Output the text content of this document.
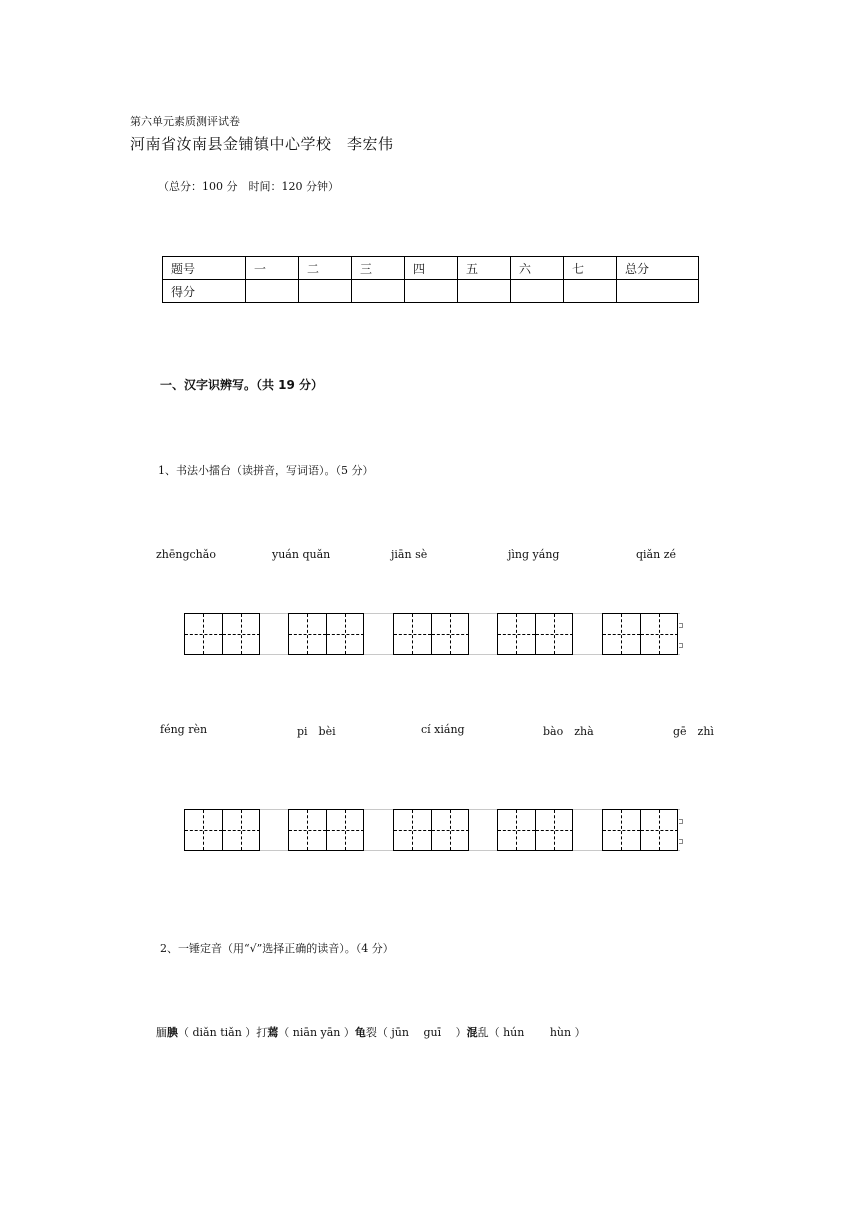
第六单元素质测评试卷
河南省汝南县金铺镇中心学校　李宏伟
（总分：100 分　时间：120 分钟）
题号	一	二	三	四	五	六	七	总分
得分								
一、汉字识辨写。（共 19 分）
1、书法小擂台（读拼音，写词语）。（5 分）
zhēngchǎo	yuán quǎn	jiān sè	jìng yáng	qiǎn zé
féng rèn	pi　bèi	cí xiáng	bào　zhà	gē　zhì
2、一锤定音（用“√”选择正确的读音）。（4 分）
腼腆（ diǎn tiǎn ）打蔫（ niān yān ）龟裂（ jūn　 guī　 ）混乱（ hún　　 hùn ）
